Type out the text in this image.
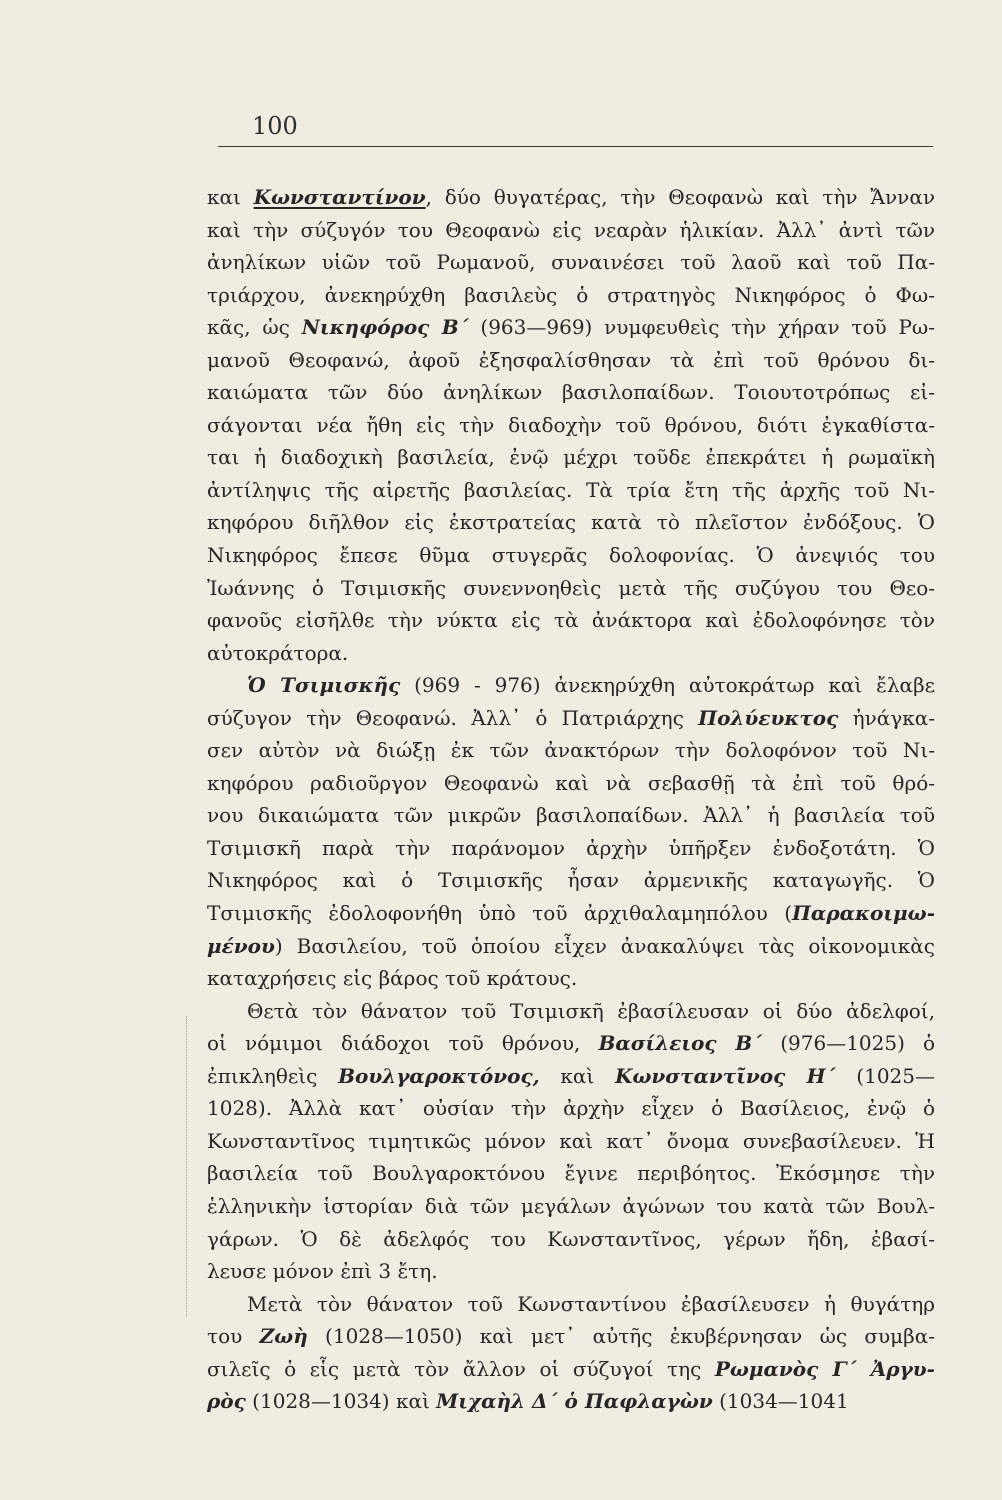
100
και Κωνσταντίνον, δύο θυγατέρας, τὴν Θεοφανὼ καὶ τὴν Ἄνναν
καὶ τὴν σύζυγόν του Θεοφανὼ εἰς νεαρὰν ἡλικίαν. Ἀλλ᾽ ἀντὶ τῶν
ἀνηλίκων υἱῶν τοῦ Ρωμανοῦ, συναινέσει τοῦ λαοῦ καὶ τοῦ Πα-
τριάρχου, ἀνεκηρύχθη βασιλεὺς ὁ στρατηγὸς Νικηφόρος ὁ Φω-
κᾶς, ὡς Νικηφόρος Β΄ (963—969) νυμφευθεὶς τὴν χήραν τοῦ Ρω-
μανοῦ Θεοφανώ, ἀφοῦ ἐξησφαλίσθησαν τὰ ἐπὶ τοῦ θρόνου δι-
καιώματα τῶν δύο ἀνηλίκων βασιλοπαίδων. Τοιουτοτρόπως εἰ-
σάγονται νέα ἤθη εἰς τὴν διαδοχὴν τοῦ θρόνου, διότι ἐγκαθίστα-
ται ἡ διαδοχικὴ βασιλεία, ἐνῷ μέχρι τοῦδε ἐπεκράτει ἡ ρωμαϊκὴ
ἀντίληψις τῆς αἱρετῆς βασιλείας. Τὰ τρία ἔτη τῆς ἀρχῆς τοῦ Νι-
κηφόρου διῆλθον εἰς ἐκστρατείας κατὰ τὸ πλεῖστον ἐνδόξους. Ὁ
Νικηφόρος ἔπεσε θῦμα στυγερᾶς δολοφονίας. Ὁ ἀνεψιός του
Ἰωάννης ὁ Τσιμισκῆς συνεννοηθεὶς μετὰ τῆς συζύγου του Θεο-
φανοῦς εἰσῆλθε τὴν νύκτα εἰς τὰ ἀνάκτορα καὶ ἐδολοφόνησε τὸν
αὐτοκράτορα.
Ὁ Τσιμισκῆς (969 - 976) ἀνεκηρύχθη αὐτοκράτωρ καὶ ἔλαβε
σύζυγον τὴν Θεοφανώ. Ἀλλ᾽ ὁ Πατριάρχης Πολύευκτος ἠνάγκα-
σεν αὐτὸν νὰ διώξῃ ἐκ τῶν ἀνακτόρων τὴν δολοφόνον τοῦ Νι-
κηφόρου ραδιοῦργον Θεοφανὼ καὶ νὰ σεβασθῇ τὰ ἐπὶ τοῦ θρό-
νου δικαιώματα τῶν μικρῶν βασιλοπαίδων. Ἀλλ᾽ ἡ βασιλεία τοῦ
Τσιμισκῆ παρὰ τὴν παράνομον ἀρχὴν ὑπῆρξεν ἐνδοξοτάτη. Ὁ
Νικηφόρος καὶ ὁ Τσιμισκῆς ἦσαν ἀρμενικῆς καταγωγῆς. Ὁ
Τσιμισκῆς ἐδολοφονήθη ὑπὸ τοῦ ἀρχιθαλαμηπόλου (Παρακοιμω-
μένου) Βασιλείου, τοῦ ὁποίου εἶχεν ἀνακαλύψει τὰς οἰκονομικὰς
καταχρήσεις εἰς βάρος τοῦ κράτους.
Θετὰ τὸν θάνατον τοῦ Τσιμισκῆ ἐβασίλευσαν οἱ δύο ἀδελφοί,
οἱ νόμιμοι διάδοχοι τοῦ θρόνου, Βασίλειος Β΄ (976—1025) ὁ
ἐπικληθεὶς Βουλγαροκτόνος, καὶ Κωνσταντῖνος Η΄ (1025—
1028). Ἀλλὰ κατ᾽ οὐσίαν τὴν ἀρχὴν εἶχεν ὁ Βασίλειος, ἐνῷ ὁ
Κωνσταντῖνος τιμητικῶς μόνον καὶ κατ᾽ ὄνομα συνεβασίλευεν. Ἡ
βασιλεία τοῦ Βουλγαροκτόνου ἔγινε περιβόητος. Ἐκόσμησε τὴν
ἑλληνικὴν ἱστορίαν διὰ τῶν μεγάλων ἀγώνων του κατὰ τῶν Βουλ-
γάρων. Ὁ δὲ ἀδελφός του Κωνσταντῖνος, γέρων ἤδη, ἐβασί-
λευσε μόνον ἐπὶ 3 ἔτη.
Μετὰ τὸν θάνατον τοῦ Κωνσταντίνου ἐβασίλευσεν ἡ θυγάτηρ
του Ζωὴ (1028—1050) καὶ μετ᾽ αὐτῆς ἐκυβέρνησαν ὡς συμβα-
σιλεῖς ὁ εἷς μετὰ τὸν ἄλλον οἱ σύζυγοί της Ρωμανὸς Γ΄ Ἀργυ-
ρὸς (1028—1034) καὶ Μιχαὴλ Δ΄ ὁ Παφλαγὼν (1034—1041
